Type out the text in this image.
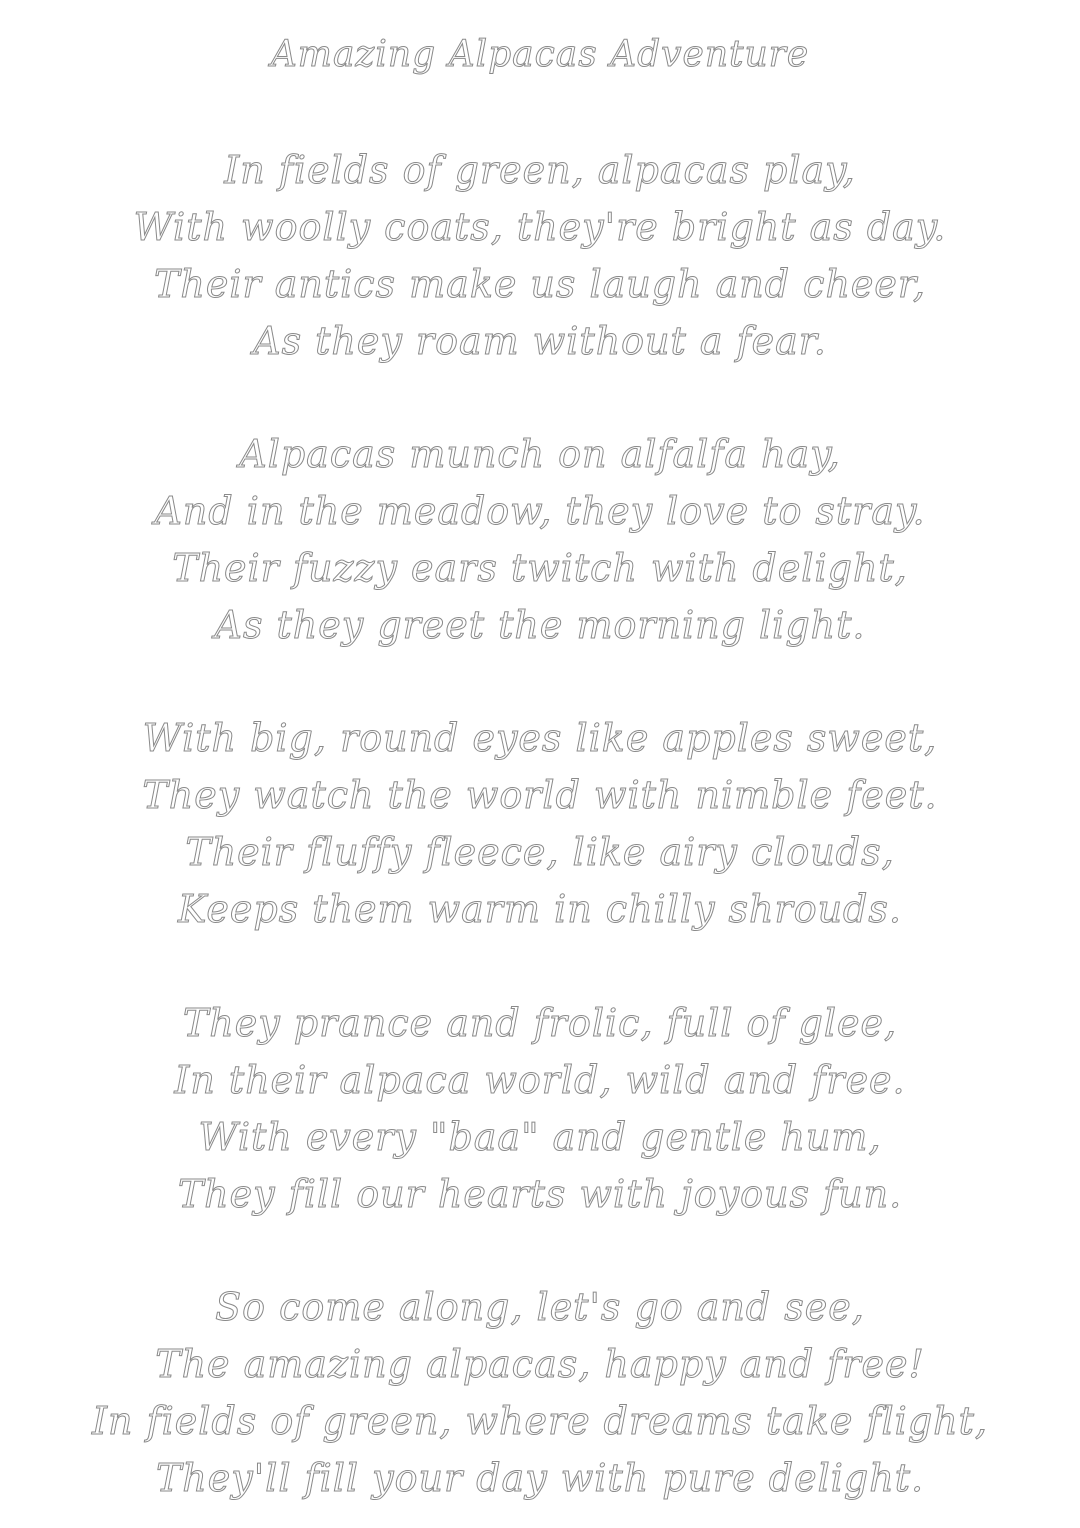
Amazing Alpacas Adventure
In fields of green, alpacas play,
With woolly coats, they're bright as day.
Their antics make us laugh and cheer,
As they roam without a fear.
Alpacas munch on alfalfa hay,
And in the meadow, they love to stray.
Their fuzzy ears twitch with delight,
As they greet the morning light.
With big, round eyes like apples sweet,
They watch the world with nimble feet.
Their fluffy fleece, like airy clouds,
Keeps them warm in chilly shrouds.
They prance and frolic, full of glee,
In their alpaca world, wild and free.
With every "baa" and gentle hum,
They fill our hearts with joyous fun.
So come along, let's go and see,
The amazing alpacas, happy and free!
In fields of green, where dreams take flight,
They'll fill your day with pure delight.
